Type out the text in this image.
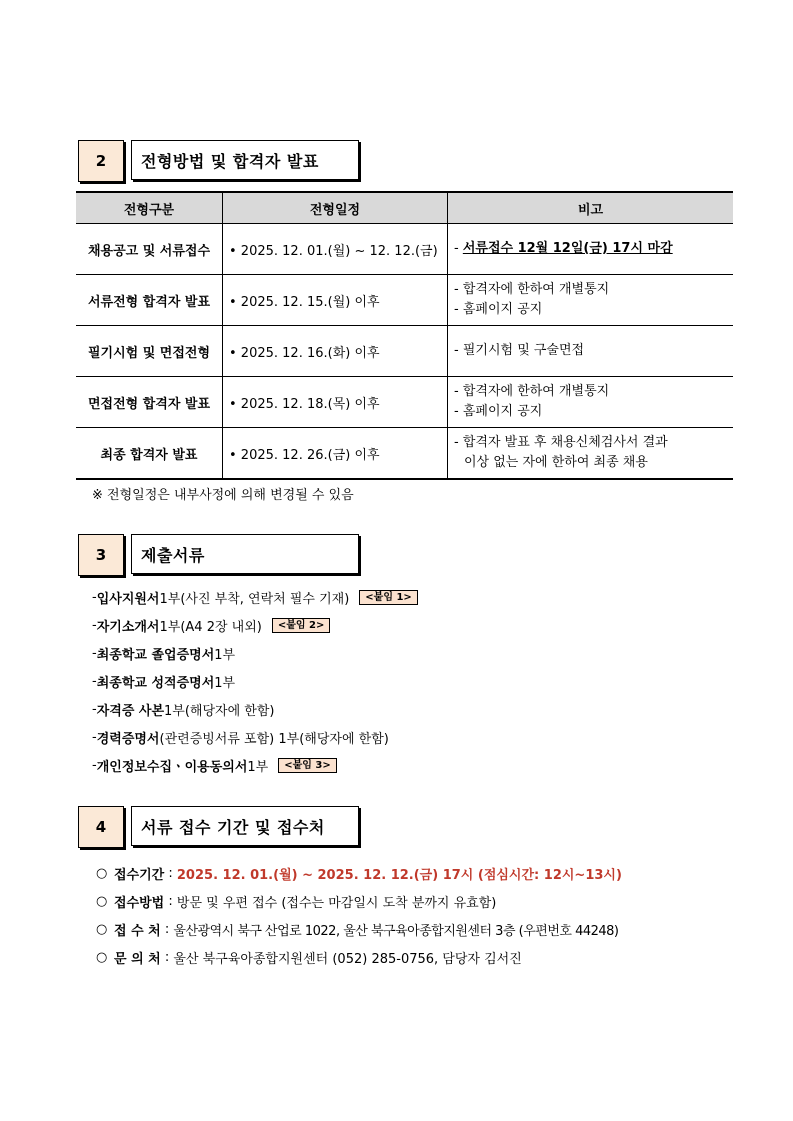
2	전형방법 및 합격자 발표
전형구분	전형일정	비고
채용공고 및 서류접수	• 2025. 12. 01.(월) ~ 12. 12.(금)	- 서류접수 12월 12일(금) 17시 마감

서류전형 합격자 발표	• 2025. 12. 15.(월) 이후	- 합격자에 한하여 개별통지
- 홈페이지 공지

필기시험 및 면접전형	• 2025. 12. 16.(화) 이후	- 필기시험 및 구술면접

면접전형 합격자 발표	• 2025. 12. 18.(목) 이후	- 합격자에 한하여 개별통지
- 홈페이지 공지

최종 합격자 발표	• 2025. 12. 26.(금) 이후	- 합격자 발표 후 채용신체검사서 결과
이상 없는 자에 한하여 최종 채용
※ 전형일정은 내부사정에 의해 변경될 수 있음
3	제출서류
- 입사지원서 1부(사진 부착, 연락처 필수 기재)	<붙임 1>
- 자기소개서 1부(A4 2장 내외)	<붙임 2>
- 최종학교 졸업증명서 1부
- 최종학교 성적증명서 1부
- 자격증 사본 1부(해당자에 한함)
- 경력증명서 (관련증빙서류 포함) 1부(해당자에 한함)
- 개인정보수집ㆍ이용동의서 1부	<붙임 3>
4	서류 접수 기간 및 접수처
○ 접수기간 : 2025. 12. 01.(월) ~ 2025. 12. 12.(금) 17시 (점심시간: 12시~13시)
○ 접수방법 : 방문 및 우편 접수 (접수는 마감일시 도착 분까지 유효함)
○ 접 수 처 : 울산광역시 북구 산업로 1022, 울산 북구육아종합지원센터 3층 (우편번호 44248)
○ 문 의 처 : 울산 북구육아종합지원센터 (052) 285-0756, 담당자 김서진
